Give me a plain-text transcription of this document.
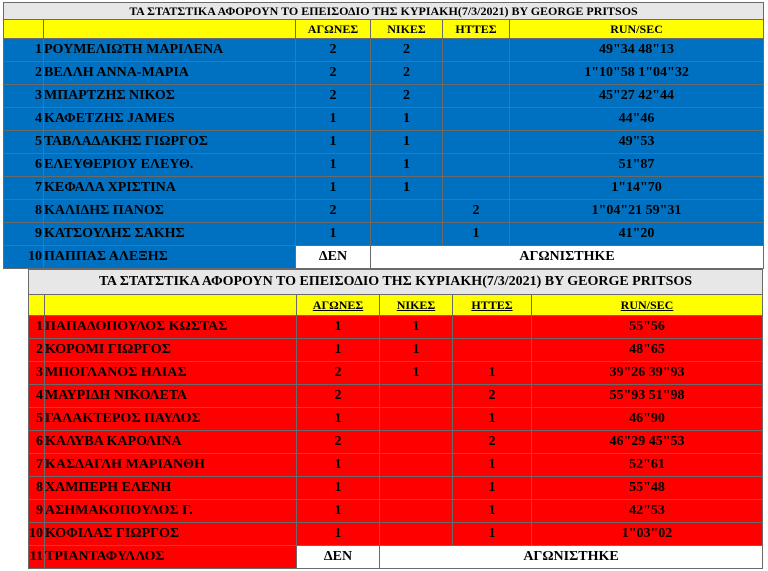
ΤΑ ΣΤΑΤΣΤΙΚΑ ΑΦΟΡΟΥΝ ΤΟ ΕΠΕΙΣΟΔΙΟ ΤΗΣ ΚΥΡΙΑΚΗ(7/3/2021) BY GEORGE PRITSOS					
		ΑΓΩΝΕΣ	ΝΙΚΕΣ	ΗΤΤΕΣ	RUN/SEC
1	ΡΟΥΜΕΛΙΩΤΗ ΜΑΡΙΛΕΝΑ	2	2		49"34 48"13
2	ΒΕΛΛΗ ΑΝΝΑ-ΜΑΡΙΑ	2	2		1"10"58 1"04"32
3	ΜΠΑΡΤΖΗΣ ΝΙΚΟΣ	2	2		45"27 42"44
4	ΚΑΦΕΤΖΗΣ JAMES	1	1		44"46
5	ΤΑΒΛΑΔΑΚΗΣ ΓΙΩΡΓΟΣ	1	1		49"53
6	ΕΛΕΥΘΕΡΙΟΥ ΕΛΕΥΘ.	1	1		51"87
7	ΚΕΦΑΛΑ ΧΡΙΣΤΙΝΑ	1	1		1"14"70
8	ΚΑΛΙΔΗΣ ΠΑΝΟΣ	2		2	1"04"21 59"31
9	ΚΑΤΣΟΥΛΗΣ ΣΑΚΗΣ	1		1	41"20
10	ΠΑΠΠΑΣ ΑΛΕΞΗΣ	ΔΕΝ	ΑΓΩΝΙΣΤΗΚΕ		
ΤΑ ΣΤΑΤΣΤΙΚΑ ΑΦΟΡΟΥΝ ΤΟ ΕΠΕΙΣΟΔΙΟ ΤΗΣ ΚΥΡΙΑΚΗ(7/3/2021) BY GEORGE PRITSOS					
		ΑΓΩΝΕΣ	ΝΙΚΕΣ	ΗΤΤΕΣ	RUN/SEC
1	ΠΑΠΑΔΟΠΟΥΛΟΣ ΚΩΣΤΑΣ	1	1		55"56
2	ΚΟΡΟΜΙ ΓΙΩΡΓΟΣ	1	1		48"65
3	ΜΠΟΓΛΑΝΟΣ ΗΛΙΑΣ	2	1	1	39"26 39"93
4	ΜΑΥΡΙΔΗ ΝΙΚΟΛΕΤΑ	2		2	55"93 51"98
5	ΓΑΛΑΚΤΕΡΟΣ ΠΑΥΛΟΣ	1		1	46"90
6	ΚΑΛΥΒΑ ΚΑΡΟΛΙΝΑ	2		2	46"29 45"53
7	ΚΑΣΔΑΓΛΗ ΜΑΡΙΑΝΘΗ	1		1	52"61
8	ΧΑΜΠΕΡΗ ΕΛΕΝΗ	1		1	55"48
9	ΑΣΗΜΑΚΟΠΟΥΛΟΣ Γ.	1		1	42"53
10	ΚΟΦΙΛΑΣ ΓΙΩΡΓΟΣ	1		1	1"03"02
11	ΤΡΙΑΝΤΑΦΥΛΛΟΣ	ΔΕΝ	ΑΓΩΝΙΣΤΗΚΕ		
